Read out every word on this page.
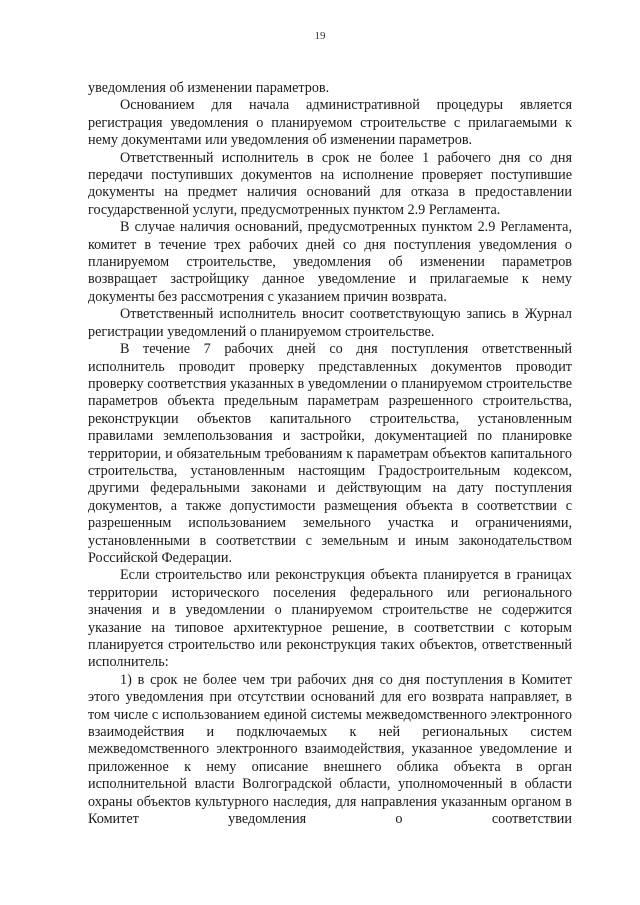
19

уведомления об изменении параметров.

Основанием для начала административной процедуры является регистрация уведомления о планируемом строительстве с прилагаемыми к нему документами или уведомления об изменении параметров.

Ответственный исполнитель в срок не более 1 рабочего дня со дня передачи поступивших документов на исполнение проверяет поступившие документы на предмет наличия оснований для отказа в предоставлении государственной услуги, предусмотренных пунктом 2.9 Регламента.

В случае наличия оснований, предусмотренных пунктом 2.9 Регламента, комитет в течение трех рабочих дней со дня поступления уведомления о планируемом строительстве, уведомления об изменении параметров возвращает застройщику данное уведомление и прилагаемые к нему документы без рассмотрения с указанием причин возврата.

Ответственный исполнитель вносит соответствующую запись в Журнал регистрации уведомлений о планируемом строительстве.

В течение 7 рабочих дней со дня поступления ответственный исполнитель проводит проверку представленных документов проводит проверку соответствия указанных в уведомлении о планируемом строительстве параметров объекта предельным параметрам разрешенного строительства, реконструкции объектов капитального строительства, установленным правилами землепользования и застройки, документацией по планировке территории, и обязательным требованиям к параметрам объектов капитального строительства, установленным настоящим Градостроительным кодексом, другими федеральными законами и действующим на дату поступления документов, а также допустимости размещения объекта в соответствии с разрешенным использованием земельного участка и ограничениями, установленными в соответствии с земельным и иным законодательством Российской Федерации.

Если строительство или реконструкция объекта планируется в границах территории исторического поселения федерального или регионального значения и в уведомлении о планируемом строительстве не содержится указание на типовое архитектурное решение, в соответствии с которым планируется строительство или реконструкция таких объектов, ответственный исполнитель:

1) в срок не более чем три рабочих дня со дня поступления в Комитет этого уведомления при отсутствии оснований для его возврата направляет, в том числе с использованием единой системы межведомственного электронного взаимодействия и подключаемых к ней региональных систем межведомственного электронного взаимодействия, указанное уведомление и приложенное к нему описание внешнего облика объекта в орган исполнительной власти Волгоградской области, уполномоченный в области охраны объектов культурного наследия, для направления указанным органом в Комитет уведомления о соответствии
